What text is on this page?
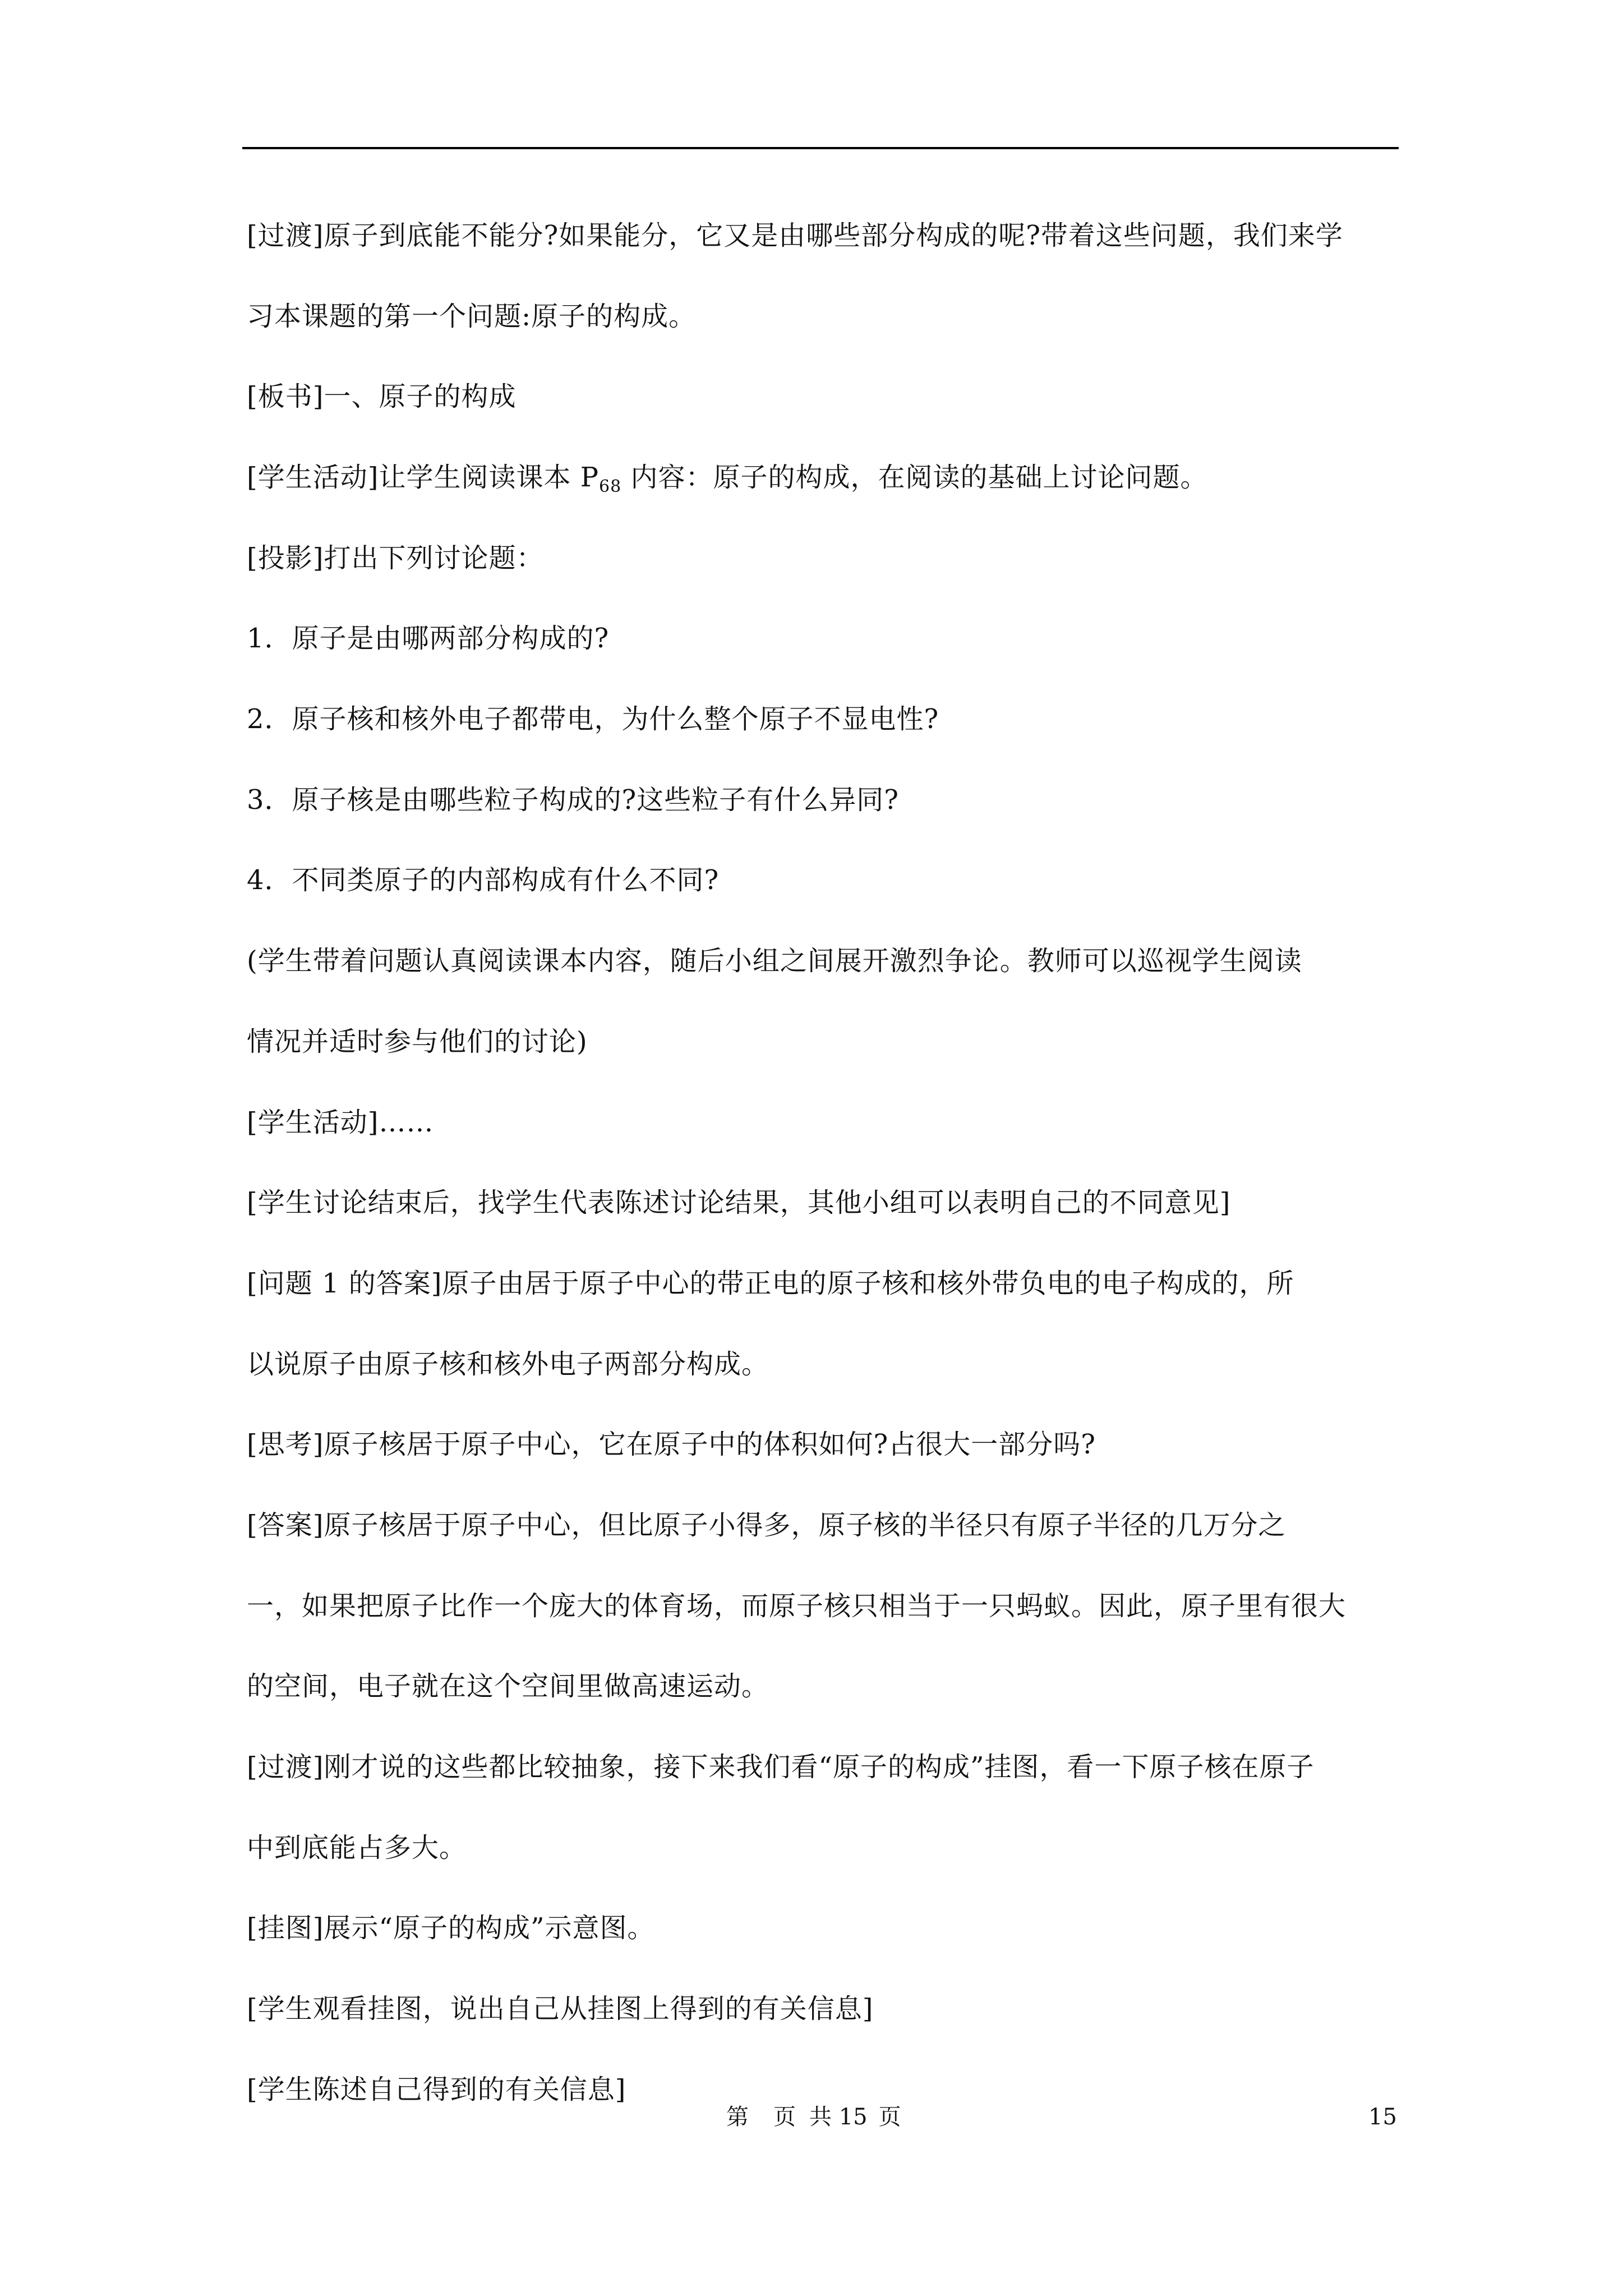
[过渡]原子到底能不能分?如果能分，它又是由哪些部分构成的呢?带着这些问题，我们来学
习本课题的第一个问题:原子的构成。
[板书]一、原子的构成
[学生活动]让学生阅读课本 $P_{68}$ 内容：原子的构成，在阅读的基础上讨论问题。
[投影]打出下列讨论题：
1．原子是由哪两部分构成的?
2．原子核和核外电子都带电，为什么整个原子不显电性?
3．原子核是由哪些粒子构成的?这些粒子有什么异同?
4．不同类原子的内部构成有什么不同?
(学生带着问题认真阅读课本内容，随后小组之间展开激烈争论。教师可以巡视学生阅读
情况并适时参与他们的讨论)
[学生活动]……
[学生讨论结束后，找学生代表陈述讨论结果，其他小组可以表明自己的不同意见]
[问题 1 的答案]原子由居于原子中心的带正电的原子核和核外带负电的电子构成的，所
以说原子由原子核和核外电子两部分构成。
[思考]原子核居于原子中心，它在原子中的体积如何?占很大一部分吗?
[答案]原子核居于原子中心，但比原子小得多，原子核的半径只有原子半径的几万分之
一，如果把原子比作一个庞大的体育场，而原子核只相当于一只蚂蚁。因此，原子里有很大
的空间，电子就在这个空间里做高速运动。
[过渡]刚才说的这些都比较抽象，接下来我们看“原子的构成”挂图，看一下原子核在原子
中到底能占多大。
[挂图]展示“原子的构成”示意图。
[学生观看挂图，说出自己从挂图上得到的有关信息]
[学生陈述自己得到的有关信息]
第 页 共 15 页	15
